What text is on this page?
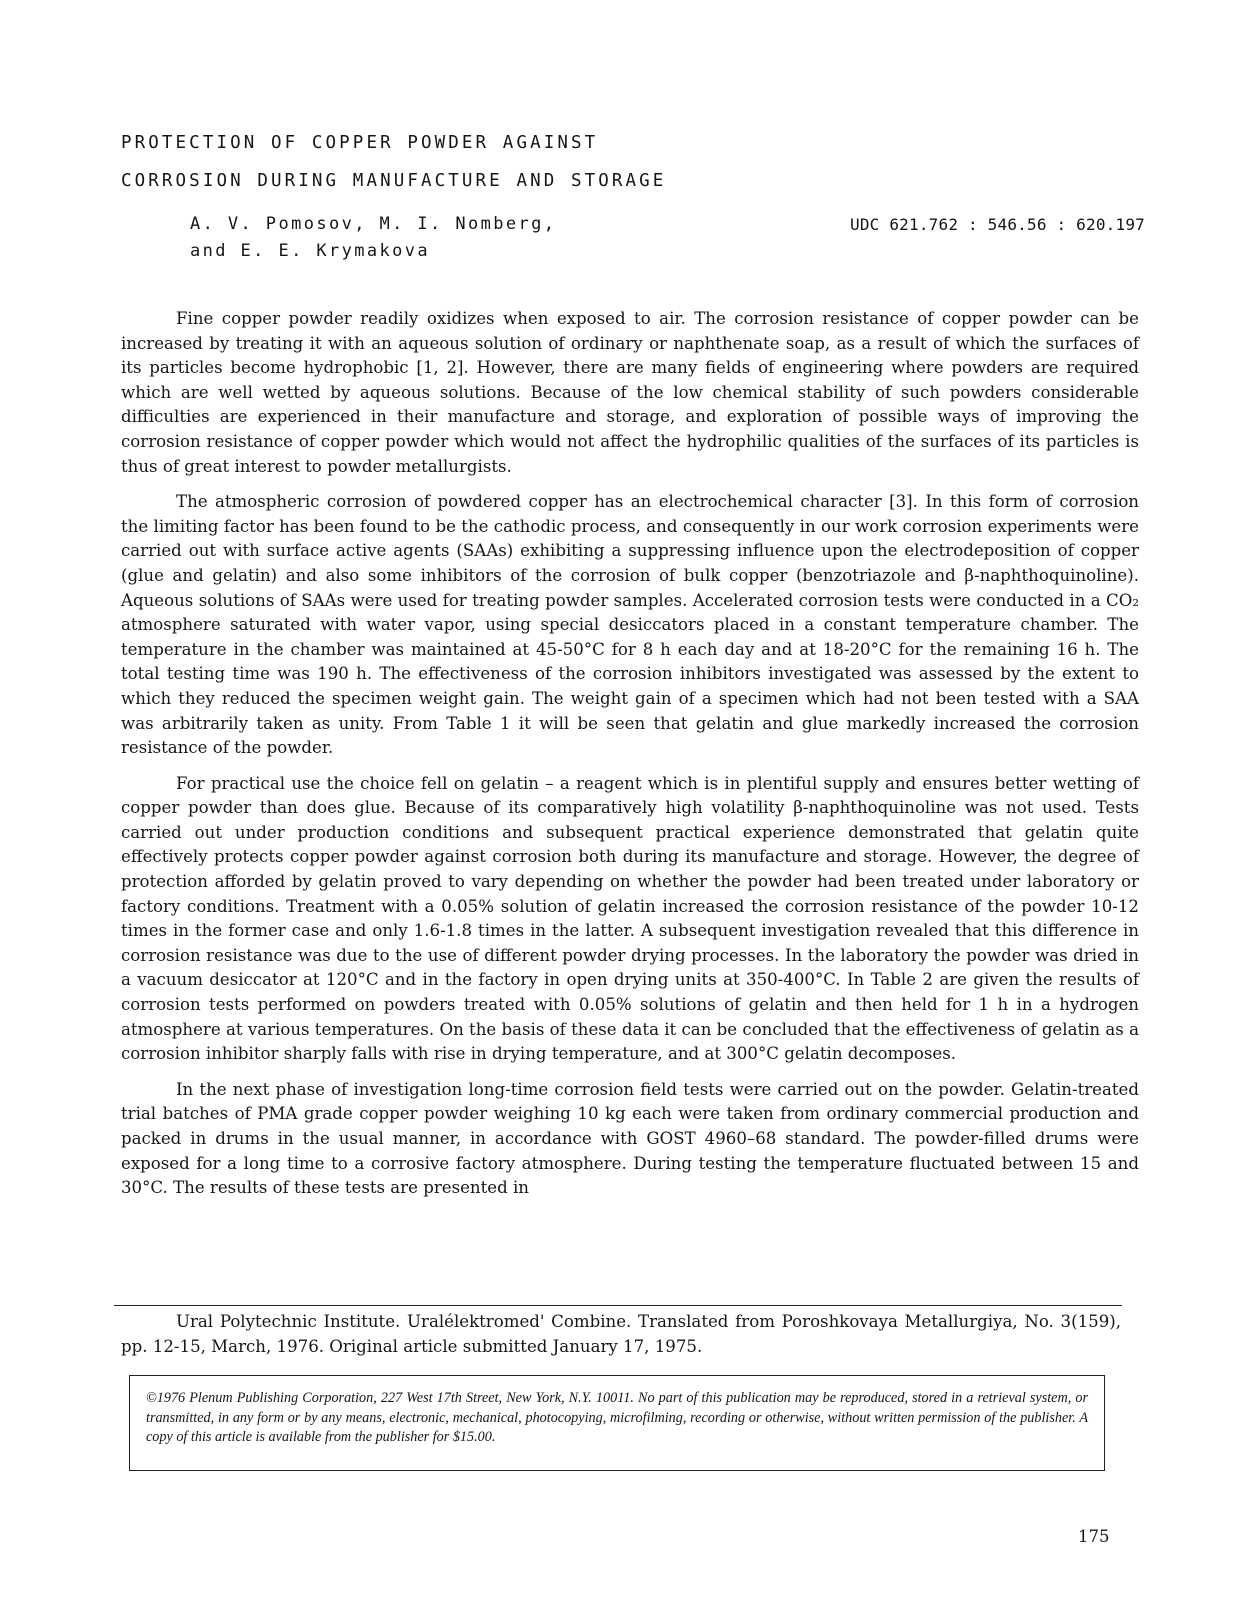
PROTECTION OF COPPER POWDER AGAINST
CORROSION DURING MANUFACTURE AND STORAGE
A. V. Pomosov, M. I. Nomberg,
and E. E. Krymakova
UDC 621.762 : 546.56 : 620.197

Fine copper powder readily oxidizes when exposed to air. The corrosion resistance of copper powder can be increased by treating it with an aqueous solution of ordinary or naphthenate soap, as a result of which the surfaces of its particles become hydrophobic [1, 2]. However, there are many fields of engineering where powders are required which are well wetted by aqueous solutions. Because of the low chemical stability of such powders considerable difficulties are experienced in their manufacture and storage, and exploration of possible ways of improving the corrosion resistance of copper powder which would not affect the hydrophilic qualities of the surfaces of its particles is thus of great interest to powder metallurgists.

The atmospheric corrosion of powdered copper has an electrochemical character [3]. In this form of corrosion the limiting factor has been found to be the cathodic process, and consequently in our work corrosion experiments were carried out with surface active agents (SAAs) exhibiting a suppressing influence upon the electrodeposition of copper (glue and gelatin) and also some inhibitors of the corrosion of bulk copper (benzotriazole and β-naphthoquinoline). Aqueous solutions of SAAs were used for treating powder samples. Accelerated corrosion tests were conducted in a CO₂ atmosphere saturated with water vapor, using special desiccators placed in a constant temperature chamber. The temperature in the chamber was maintained at 45-50°C for 8 h each day and at 18-20°C for the remaining 16 h. The total testing time was 190 h. The effectiveness of the corrosion inhibitors investigated was assessed by the extent to which they reduced the specimen weight gain. The weight gain of a specimen which had not been tested with a SAA was arbitrarily taken as unity. From Table 1 it will be seen that gelatin and glue markedly increased the corrosion resistance of the powder.

For practical use the choice fell on gelatin – a reagent which is in plentiful supply and ensures better wetting of copper powder than does glue. Because of its comparatively high volatility β-naphthoquinoline was not used. Tests carried out under production conditions and subsequent practical experience demonstrated that gelatin quite effectively protects copper powder against corrosion both during its manufacture and storage. However, the degree of protection afforded by gelatin proved to vary depending on whether the powder had been treated under laboratory or factory conditions. Treatment with a 0.05% solution of gelatin increased the corrosion resistance of the powder 10-12 times in the former case and only 1.6-1.8 times in the latter. A subsequent investigation revealed that this difference in corrosion resistance was due to the use of different powder drying processes. In the laboratory the powder was dried in a vacuum desiccator at 120°C and in the factory in open drying units at 350-400°C. In Table 2 are given the results of corrosion tests performed on powders treated with 0.05% solutions of gelatin and then held for 1 h in a hydrogen atmosphere at various temperatures. On the basis of these data it can be concluded that the effectiveness of gelatin as a corrosion inhibitor sharply falls with rise in drying temperature, and at 300°C gelatin decomposes.

In the next phase of investigation long-time corrosion field tests were carried out on the powder. Gelatin-treated trial batches of PMA grade copper powder weighing 10 kg each were taken from ordinary commercial production and packed in drums in the usual manner, in accordance with GOST 4960–68 standard. The powder-filled drums were exposed for a long time to a corrosive factory atmosphere. During testing the temperature fluctuated between 15 and 30°C. The results of these tests are presented in

Ural Polytechnic Institute. Uralélektromed' Combine. Translated from Poroshkovaya Metallurgiya, No. 3(159), pp. 12-15, March, 1976. Original article submitted January 17, 1975.
©1976 Plenum Publishing Corporation, 227 West 17th Street, New York, N.Y. 10011. No part of this publication may be reproduced, stored in a retrieval system, or transmitted, in any form or by any means, electronic, mechanical, photocopying, microfilming, recording or otherwise, without written permission of the publisher. A copy of this article is available from the publisher for $15.00.
175
